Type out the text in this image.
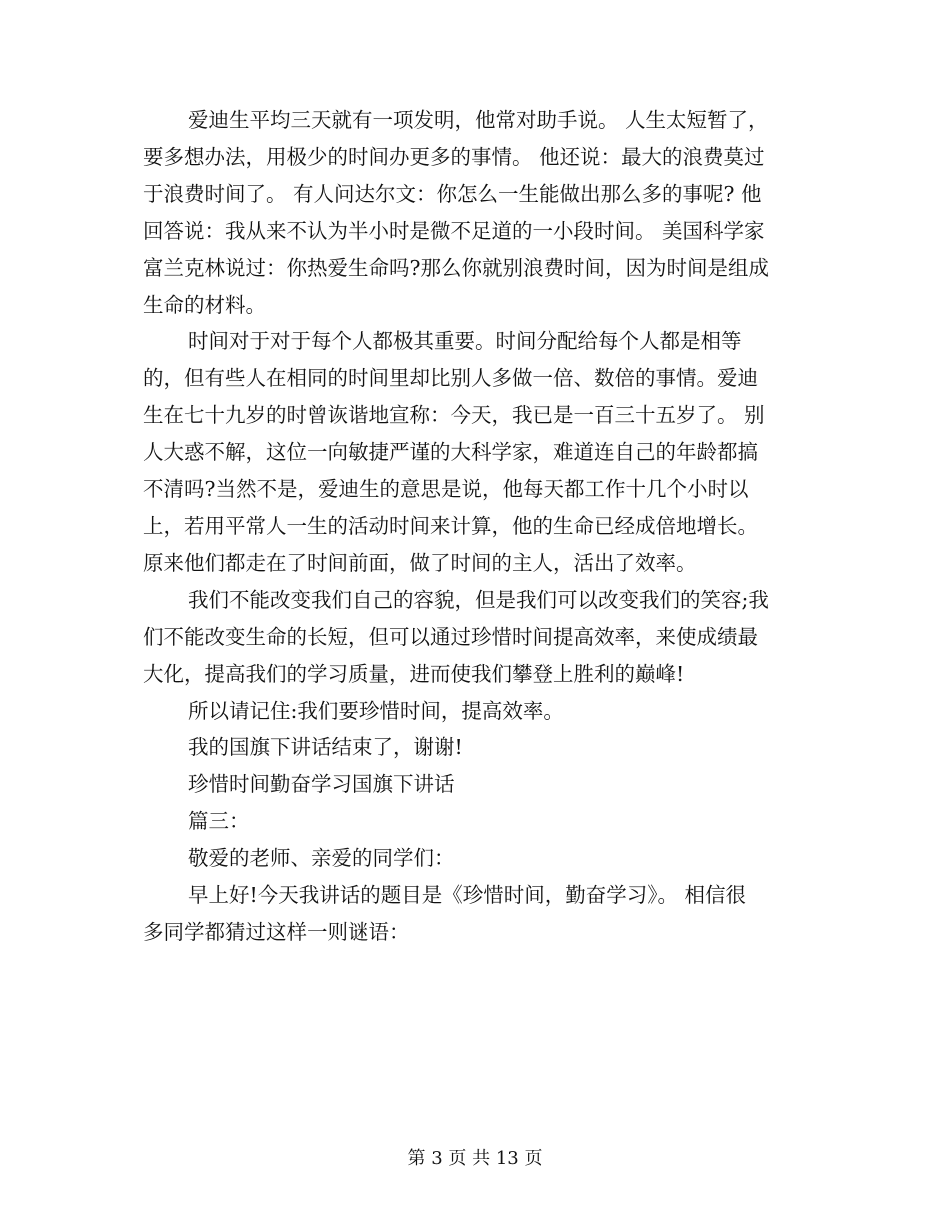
爱迪生平均三天就有一项发明，他常对助手说。 人生太短暂了，
要多想办法，用极少的时间办更多的事情。 他还说：最大的浪费莫过
于浪费时间了。 有人问达尔文：你怎么一生能做出那么多的事呢? 他
回答说：我从来不认为半小时是微不足道的一小段时间。 美国科学家
富兰克林说过：你热爱生命吗?那么你就别浪费时间，因为时间是组成
生命的材料。

时间对于对于每个人都极其重要。时间分配给每个人都是相等
的，但有些人在相同的时间里却比别人多做一倍、数倍的事情。爱迪
生在七十九岁的时曾诙谐地宣称：今天，我已是一百三十五岁了。 别
人大惑不解，这位一向敏捷严谨的大科学家，难道连自己的年龄都搞
不清吗?当然不是，爱迪生的意思是说，他每天都工作十几个小时以
上，若用平常人一生的活动时间来计算，他的生命已经成倍地增长。
原来他们都走在了时间前面，做了时间的主人，活出了效率。

我们不能改变我们自己的容貌，但是我们可以改变我们的笑容;我
们不能改变生命的长短，但可以通过珍惜时间提高效率，来使成绩最
大化，提高我们的学习质量，进而使我们攀登上胜利的巅峰!

所以请记住:我们要珍惜时间，提高效率。

我的国旗下讲话结束了，谢谢!

珍惜时间勤奋学习国旗下讲话

篇三：

敬爱的老师、亲爱的同学们：

早上好!今天我讲话的题目是《珍惜时间，勤奋学习》。 相信很
多同学都猜过这样一则谜语：

第 3 页 共 13 页
